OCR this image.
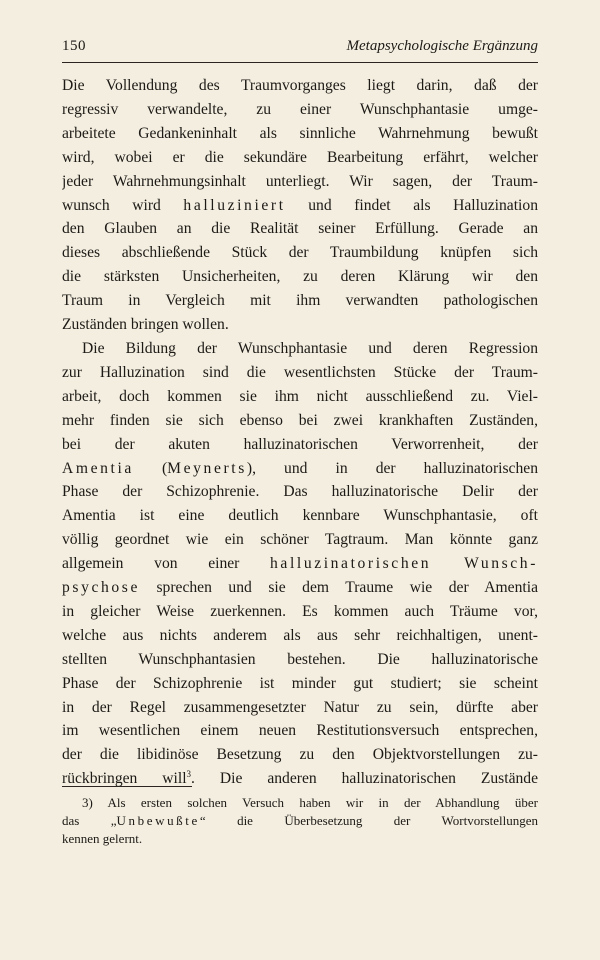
150	Metapsychologische Ergänzung
Die Vollendung des Traumvorganges liegt darin, daß der
regressiv verwandelte, zu einer Wunschphantasie umge-
arbeitete Gedankeninhalt als sinnliche Wahrnehmung bewußt
wird, wobei er die sekundäre Bearbeitung erfährt, welcher
jeder Wahrnehmungsinhalt unterliegt. Wir sagen, der Traum-
wunsch wird halluziniert und findet als Halluzination
den Glauben an die Realität seiner Erfüllung. Gerade an
dieses abschließende Stück der Traumbildung knüpfen sich
die stärksten Unsicherheiten, zu deren Klärung wir den
Traum in Vergleich mit ihm verwandten pathologischen
Zuständen bringen wollen.
Die Bildung der Wunschphantasie und deren Regression
zur Halluzination sind die wesentlichsten Stücke der Traum-
arbeit, doch kommen sie ihm nicht ausschließend zu. Viel-
mehr finden sie sich ebenso bei zwei krankhaften Zuständen,
bei der akuten halluzinatorischen Verworrenheit, der
Amentia (Meynerts), und in der halluzinatorischen
Phase der Schizophrenie. Das halluzinatorische Delir der
Amentia ist eine deutlich kennbare Wunschphantasie, oft
völlig geordnet wie ein schöner Tagtraum. Man könnte ganz
allgemein von einer halluzinatorischen Wunsch-
psychose sprechen und sie dem Traume wie der Amentia
in gleicher Weise zuerkennen. Es kommen auch Träume vor,
welche aus nichts anderem als aus sehr reichhaltigen, unent-
stellten Wunschphantasien bestehen. Die halluzinatorische
Phase der Schizophrenie ist minder gut studiert; sie scheint
in der Regel zusammengesetzter Natur zu sein, dürfte aber
im wesentlichen einem neuen Restitutionsversuch entsprechen,
der die libidinöse Besetzung zu den Objektvorstellungen zu-
rückbringen will$^3$. Die anderen halluzinatorischen Zustände
3) Als ersten solchen Versuch haben wir in der Abhandlung über
das „Unbewußte“ die Überbesetzung der Wortvorstellungen
kennen gelernt.
